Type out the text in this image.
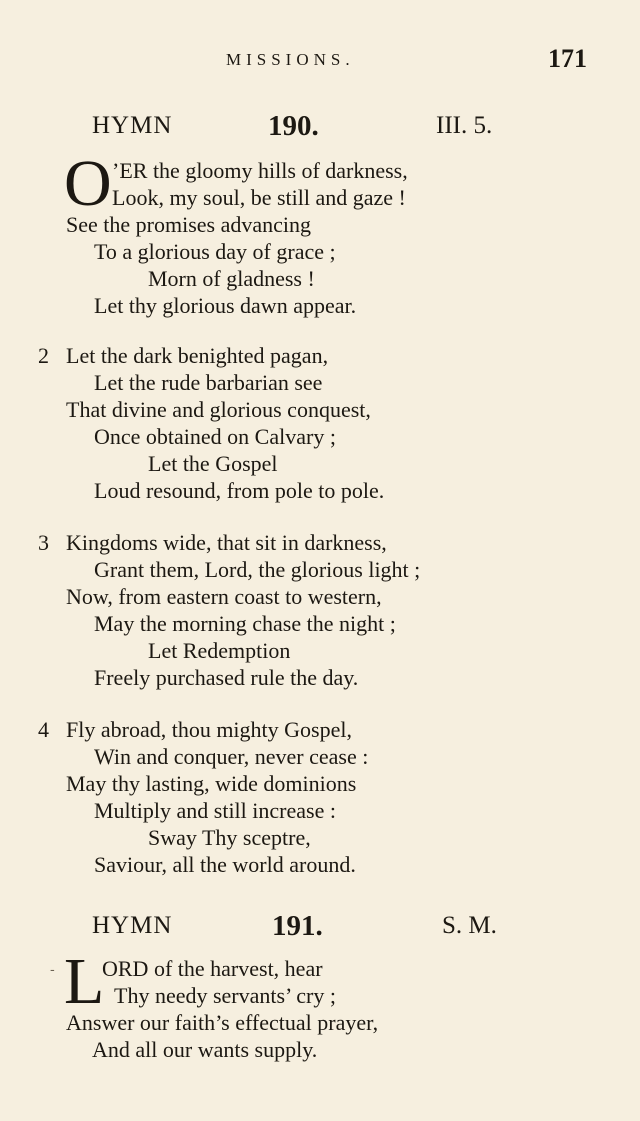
MISSIONS.	171
HYMN	190.	III. 5.
O ’ER the gloomy hills of darkness,
Look, my soul, be still and gaze !
See the promises advancing
To a glorious day of grace ;
Morn of gladness !
Let thy glorious dawn appear.
2 Let the dark benighted pagan,
Let the rude barbarian see
That divine and glorious conquest,
Once obtained on Calvary ;
Let the Gospel
Loud resound, from pole to pole.
3 Kingdoms wide, that sit in darkness,
Grant them, Lord, the glorious light ;
Now, from eastern coast to western,
May the morning chase the night ;
Let Redemption
Freely purchased rule the day.
4 Fly abroad, thou mighty Gospel,
Win and conquer, never cease :
May thy lasting, wide dominions
Multiply and still increase :
Sway Thy sceptre,
Saviour, all the world around.
HYMN	191.	S. M.
‐ L
ORD of the harvest, hear
Thy needy servants’ cry ;
Answer our faith’s effectual prayer,
And all our wants supply.
